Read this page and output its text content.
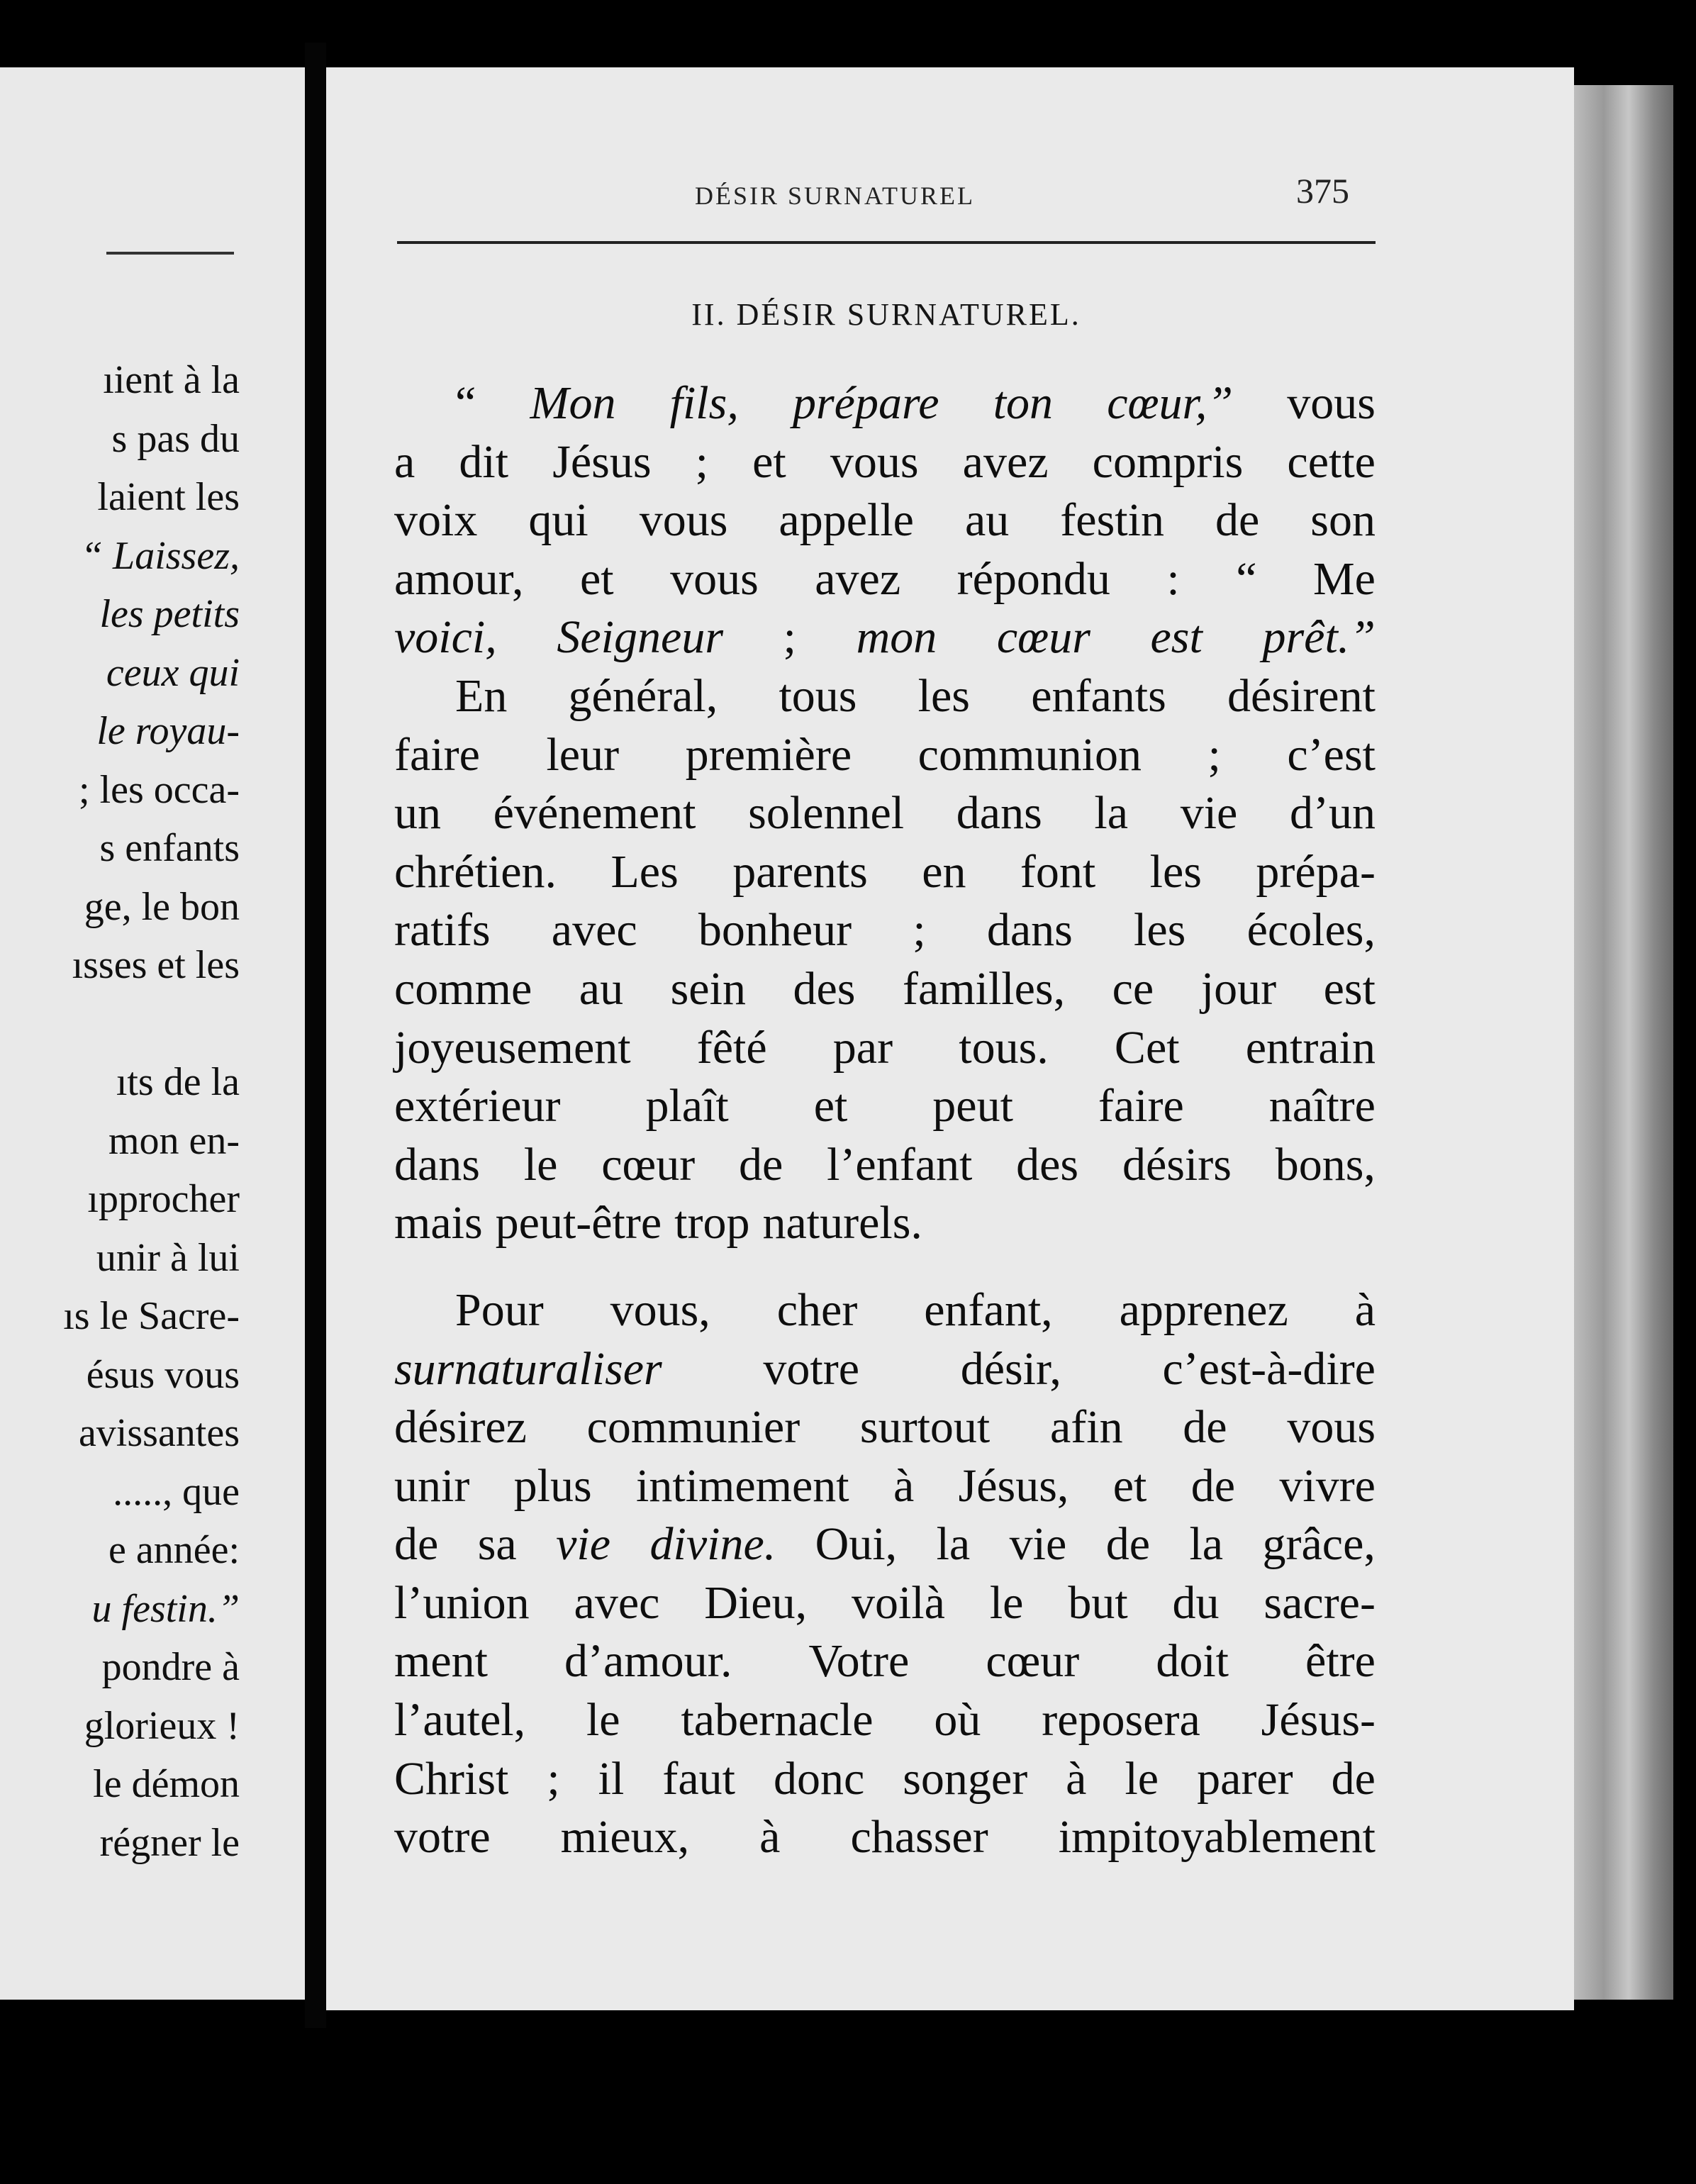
ıient à la
s pas du
laient les
“ Laissez,
les petits
ceux qui
le royau-
; les occa-
s enfants
ge, le bon
ısses et les
ıts de la
mon en-
ıpprocher
unir à lui
ıs le Sacre-
ésus vous
avissantes
....., que
e année:
u festin.”
pondre à
glorieux !
le démon
régner le
DÉSIR SURNATUREL	375
II. DÉSIR SURNATUREL.
“ Mon fils, prépare ton cœur,” vous
a dit Jésus ; et vous avez compris cette
voix qui vous appelle au festin de son
amour, et vous avez répondu : “ Me
voici, Seigneur ; mon cœur est prêt.”
En général, tous les enfants désirent
faire leur première communion ; c’est
un événement solennel dans la vie d’un
chrétien. Les parents en font les prépa-
ratifs avec bonheur ; dans les écoles,
comme au sein des familles, ce jour est
joyeusement fêté par tous. Cet entrain
extérieur plaît et peut faire naître
dans le cœur de l’enfant des désirs bons,
mais peut-être trop naturels.
Pour vous, cher enfant, apprenez à
surnaturaliser votre désir, c’est-à-dire
désirez communier surtout afin de vous
unir plus intimement à Jésus, et de vivre
de sa vie divine. Oui, la vie de la grâce,
l’union avec Dieu, voilà le but du sacre-
ment d’amour. Votre cœur doit être
l’autel, le tabernacle où reposera Jésus-
Christ ; il faut donc songer à le parer de
votre mieux, à chasser impitoyablement
